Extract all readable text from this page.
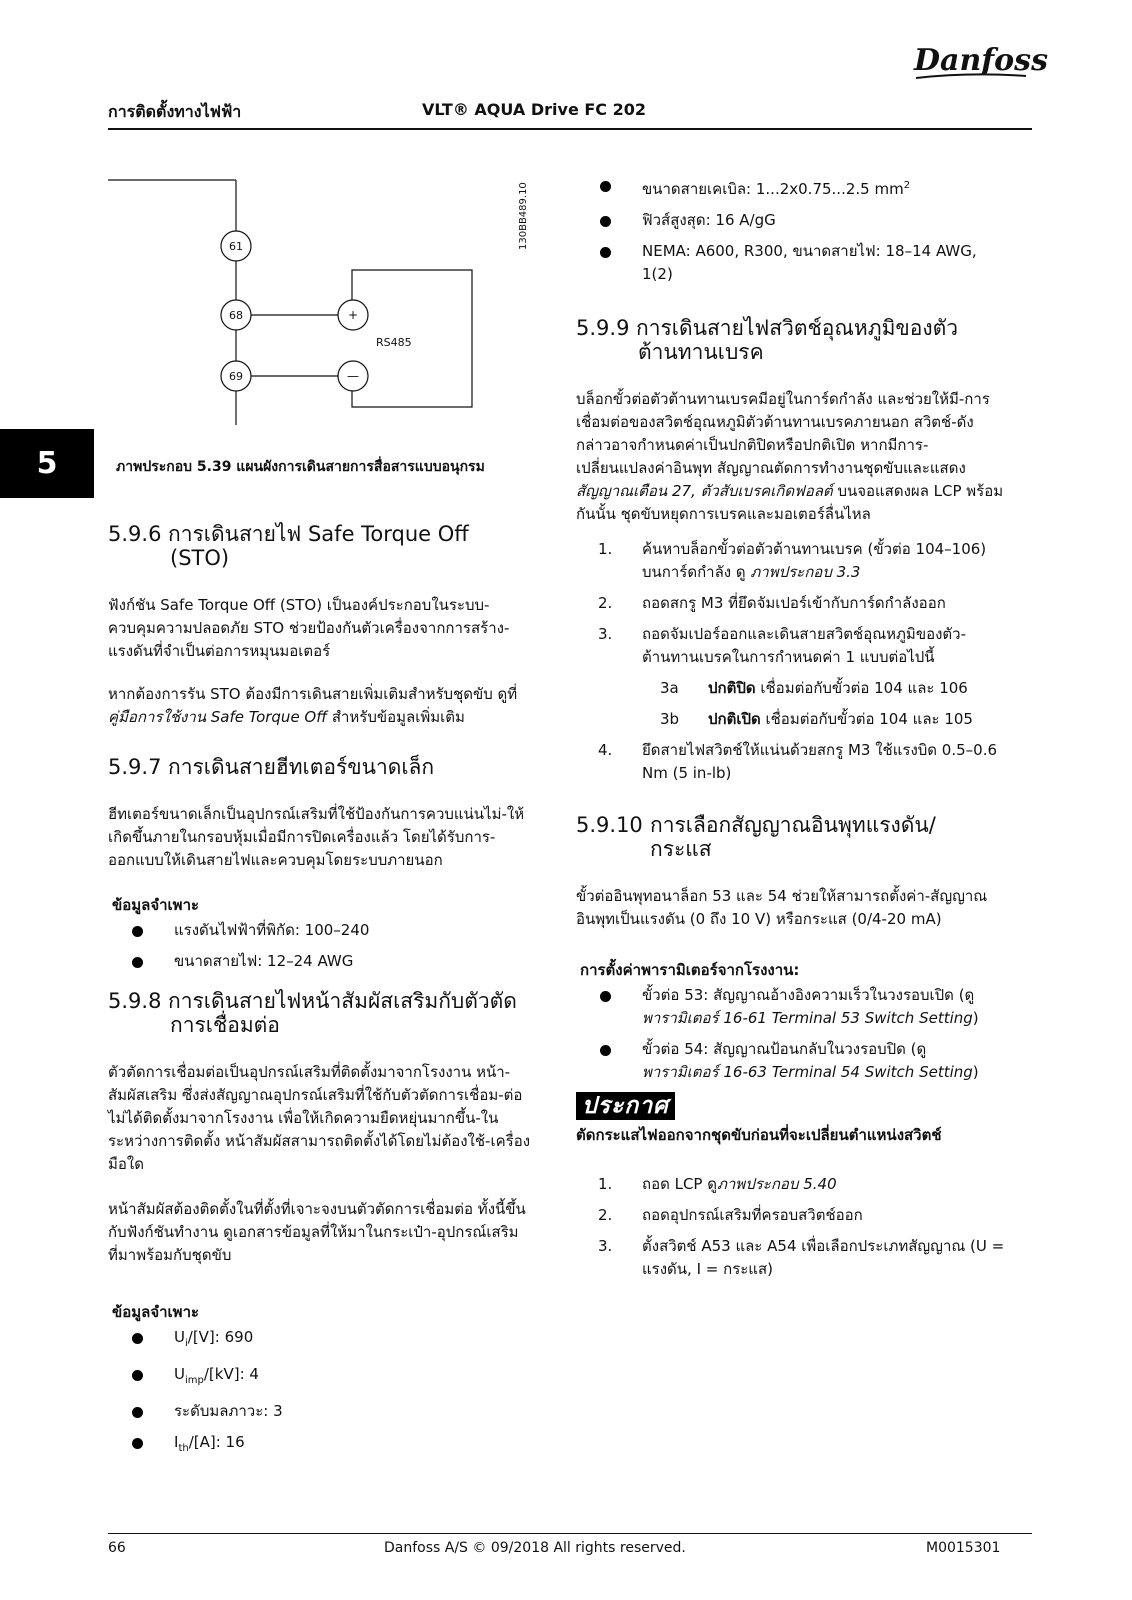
Danfoss
การติดตั้งทางไฟฟ้า	VLT® AQUA Drive FC 202
5
61
68
69
+
—
RS485
130BB489.10
ภาพประกอบ 5.39 แผนผังการเดินสายการสื่อสารแบบอนุกรม
5.9.6 การเดินสายไฟ Safe Torque Off
(STO)

ฟังก์ชัน Safe Torque Off (STO) เป็นองค์ประกอบในระบบ-ควบคุมความปลอดภัย STO ช่วยป้องกันตัวเครื่องจากการสร้าง-แรงดันที่จำเป็นต่อการหมุนมอเตอร์

หากต้องการรัน STO ต้องมีการเดินสายเพิ่มเติมสำหรับชุดขับ ดูที่ คู่มือการใช้งาน Safe Torque Off สำหรับข้อมูลเพิ่มเติม

5.9.7 การเดินสายฮีทเตอร์ขนาดเล็ก

ฮีทเตอร์ขนาดเล็กเป็นอุปกรณ์เสริมที่ใช้ป้องกันการควบแน่นไม่-ให้เกิดขึ้นภายในกรอบหุ้มเมื่อมีการปิดเครื่องแล้ว โดยได้รับการ-ออกแบบให้เดินสายไฟและควบคุมโดยระบบภายนอก

ข้อมูลจำเพาะ
แรงดันไฟฟ้าที่พิกัด: 100–240
ขนาดสายไฟ: 12–24 AWG
5.9.8 การเดินสายไฟหน้าสัมผัสเสริมกับตัวตัด
การเชื่อมต่อ

ตัวตัดการเชื่อมต่อเป็นอุปกรณ์เสริมที่ติดตั้งมาจากโรงงาน หน้า-สัมผัสเสริม ซึ่งส่งสัญญาณอุปกรณ์เสริมที่ใช้กับตัวตัดการเชื่อม-ต่อ ไม่ได้ติดตั้งมาจากโรงงาน เพื่อให้เกิดความยืดหยุ่นมากขึ้น-ในระหว่างการติดตั้ง หน้าสัมผัสสามารถติดตั้งได้โดยไม่ต้องใช้-เครื่องมือใด

หน้าสัมผัสต้องติดตั้งในที่ตั้งที่เจาะจงบนตัวตัดการเชื่อมต่อ ทั้งนี้ขึ้นกับฟังก์ชันทำงาน ดูเอกสารข้อมูลที่ให้มาในกระเป๋า-อุปกรณ์เสริมที่มาพร้อมกับชุดขับ

ข้อมูลจำเพาะ
$U_i/[V]$: 690
$U_{imp}/[kV]$: 4
ระดับมลภาวะ: 3
$I_{th}/[A]$: 16
ขนาดสายเคเบิล: 1...2x0.75...2.5 $mm^2$
ฟิวส์สูงสุด: 16 A/gG
NEMA: A600, R300, ขนาดสายไฟ: 18–14 AWG, 1(2)
5.9.9 การเดินสายไฟสวิตช์อุณหภูมิของตัว
ต้านทานเบรค

บล็อกขั้วต่อตัวต้านทานเบรคมีอยู่ในการ์ดกำลัง และช่วยให้มี-การเชื่อมต่อของสวิตช์อุณหภูมิตัวต้านทานเบรคภายนอก สวิตช์-ดังกล่าวอาจกำหนดค่าเป็นปกติปิดหรือปกติเปิด หากมีการ-เปลี่ยนแปลงค่าอินพุท สัญญาณตัดการทำงานชุดขับและแสดง สัญญาณเตือน 27, ตัวสับเบรคเกิดฟอลต์ บนจอแสดงผล LCP พร้อมกันนั้น ชุดขับหยุดการเบรคและมอเตอร์ลื่นไหล

1. ค้นหาบล็อกขั้วต่อตัวต้านทานเบรค (ขั้วต่อ 104–106) บนการ์ดกำลัง ดู ภาพประกอบ 3.3
2. ถอดสกรู M3 ที่ยึดจัมเปอร์เข้ากับการ์ดกำลังออก
3. ถอดจัมเปอร์ออกและเดินสายสวิตช์อุณหภูมิของตัว-ต้านทานเบรคในการกำหนดค่า 1 แบบต่อไปนี้
3a ปกติปิด เชื่อมต่อกับขั้วต่อ 104 และ 106
3b ปกติเปิด เชื่อมต่อกับขั้วต่อ 104 และ 105
4. ยึดสายไฟสวิตช์ให้แน่นด้วยสกรู M3 ใช้แรงบิด 0.5–0.6 Nm (5 in-lb)
5.9.10 การเลือกสัญญาณอินพุทแรงดัน/
กระแส

ขั้วต่ออินพุทอนาล็อก 53 และ 54 ช่วยให้สามารถตั้งค่า-สัญญาณอินพุทเป็นแรงดัน (0 ถึง 10 V) หรือกระแส (0/4-20 mA)

การตั้งค่าพารามิเตอร์จากโรงงาน:
ขั้วต่อ 53: สัญญาณอ้างอิงความเร็วในวงรอบเปิด (ดู พารามิเตอร์ 16-61 Terminal 53 Switch Setting)
ขั้วต่อ 54: สัญญาณป้อนกลับในวงรอบปิด (ดู พารามิเตอร์ 16-63 Terminal 54 Switch Setting)
ประกาศ
ตัดกระแสไฟออกจากชุดขับก่อนที่จะเปลี่ยนตำแหน่งสวิตช์
1. ถอด LCP ดูภาพประกอบ 5.40
2. ถอดอุปกรณ์เสริมที่ครอบสวิตช์ออก
3. ตั้งสวิตช์ A53 และ A54 เพื่อเลือกประเภทสัญญาณ (U = แรงดัน, I = กระแส)
66	Danfoss A/S © 09/2018 All rights reserved.	M0015301
